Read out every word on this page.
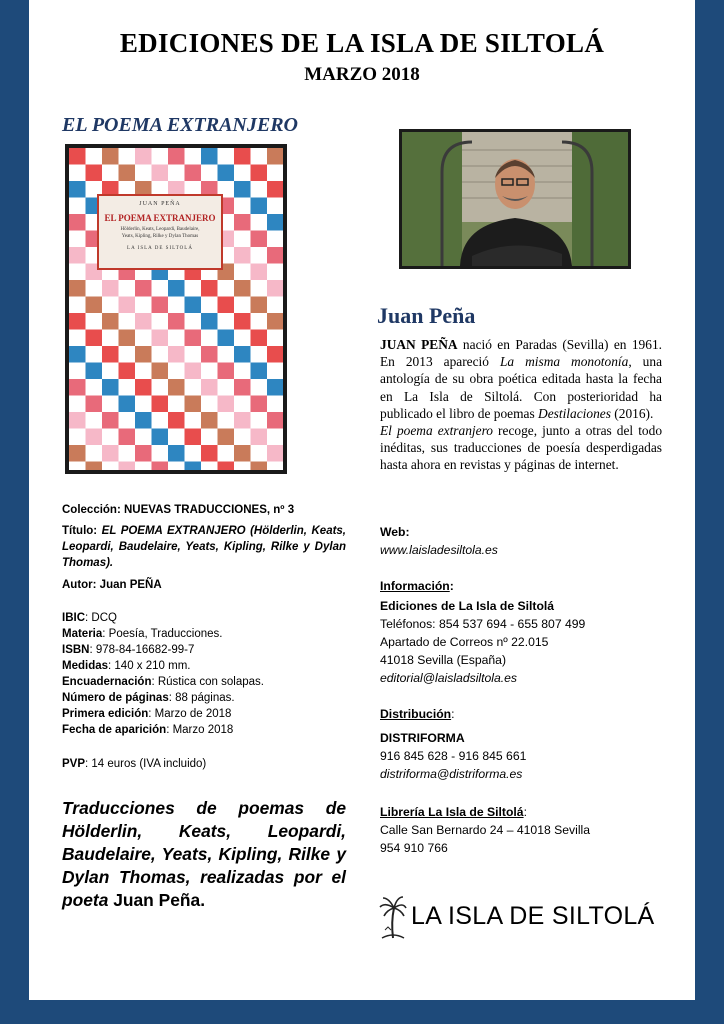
EDICIONES DE LA ISLA DE SILTOLÁ
MARZO 2018
EL POEMA EXTRANJERO
JUAN PEÑA
EL POEMA EXTRANJERO
Hölderlin, Keats, Leopardi, Baudelaire,
Yeats, Kipling, Rilke y Dylan Thomas
LA ISLA DE SILTOLÁ
Juan Peña

JUAN PEÑA nació en Paradas (Sevilla) en 1961. En 2013 apareció La misma monotonía, una antología de su obra poética editada hasta la fecha en La Isla de Siltolá. Con posterioridad ha publicado el libro de poemas Destilaciones (2016).

El poema extranjero recoge, junto a otras del todo inéditas, sus traducciones de poesía desperdigadas hasta ahora en revistas y páginas de internet.

Colección: NUEVAS TRADUCCIONES, nº 3
Título: EL POEMA EXTRANJERO (Hölderlin, Keats, Leopardi, Baudelaire, Yeats, Kipling, Rilke y Dylan Thomas).
Autor: Juan PEÑA
IBIC: DCQ
Materia: Poesía, Traducciones.
ISBN: 978-84-16682-99-7
Medidas: 140 x 210 mm.
Encuadernación: Rústica con solapas.
Número de páginas: 88 páginas.
Primera edición: Marzo de 2018
Fecha de aparición: Marzo 2018
PVP: 14 euros (IVA incluido)
Traducciones de poemas de Hölderlin, Keats, Leopardi, Baudelaire, Yeats, Kipling, Rilke y Dylan Thomas, realizadas por el poeta Juan Peña.
Web:
www.laisladesiltola.es
Información:
Ediciones de La Isla de Siltolá
Teléfonos: 854 537 694 - 655 807 499
Apartado de Correos nº 22.015
41018 Sevilla (España)
editorial@laisladsiltola.es
Distribución:
DISTRIFORMA
916 845 628 - 916 845 661
distriforma@distriforma.es
Librería La Isla de Siltolá:
Calle San Bernardo 24 – 41018 Sevilla
954 910 766
LA ISLA DE SILTOLÁ
